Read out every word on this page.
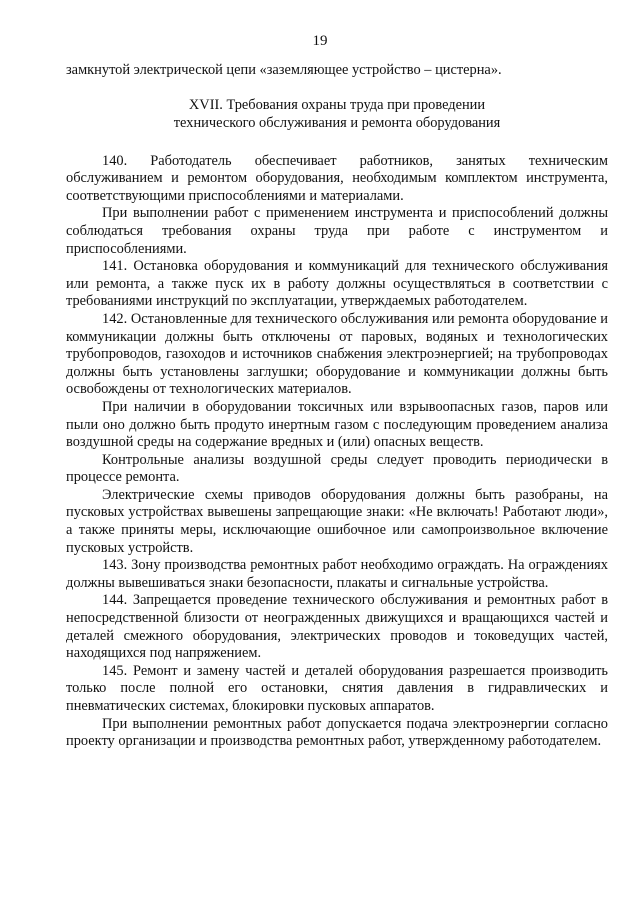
19

замкнутой электрической цепи «заземляющее устройство – цистерна».

XVII. Требования охраны труда при проведении
технического обслуживания и ремонта оборудования

140. Работодатель обеспечивает работников, занятых техническим обслуживанием и ремонтом оборудования, необходимым комплектом инструмента, соответствующими приспособлениями и материалами.

При выполнении работ с применением инструмента и приспособлений должны соблюдаться требования охраны труда при работе с инструментом и приспособлениями.

141. Остановка оборудования и коммуникаций для технического обслуживания или ремонта, а также пуск их в работу должны осуществляться в соответствии с требованиями инструкций по эксплуатации, утверждаемых работодателем.

142. Остановленные для технического обслуживания или ремонта оборудование и коммуникации должны быть отключены от паровых, водяных и технологических трубопроводов, газоходов и источников снабжения электроэнергией; на трубопроводах должны быть установлены заглушки; оборудование и коммуникации должны быть освобождены от технологических материалов.

При наличии в оборудовании токсичных или взрывоопасных газов, паров или пыли оно должно быть продуто инертным газом с последующим проведением анализа воздушной среды на содержание вредных и (или) опасных веществ.

Контрольные анализы воздушной среды следует проводить периодически в процессе ремонта.

Электрические схемы приводов оборудования должны быть разобраны, на пусковых устройствах вывешены запрещающие знаки: «Не включать! Работают люди», а также приняты меры, исключающие ошибочное или самопроизвольное включение пусковых устройств.

143. Зону производства ремонтных работ необходимо ограждать. На ограждениях должны вывешиваться знаки безопасности, плакаты и сигнальные устройства.

144. Запрещается проведение технического обслуживания и ремонтных работ в непосредственной близости от неогражденных движущихся и вращающихся частей и деталей смежного оборудования, электрических проводов и токоведущих частей, находящихся под напряжением.

145. Ремонт и замену частей и деталей оборудования разрешается производить только после полной его остановки, снятия давления в гидравлических и пневматических системах, блокировки пусковых аппаратов.

При выполнении ремонтных работ допускается подача электроэнергии согласно проекту организации и производства ремонтных работ, утвержденному работодателем.
